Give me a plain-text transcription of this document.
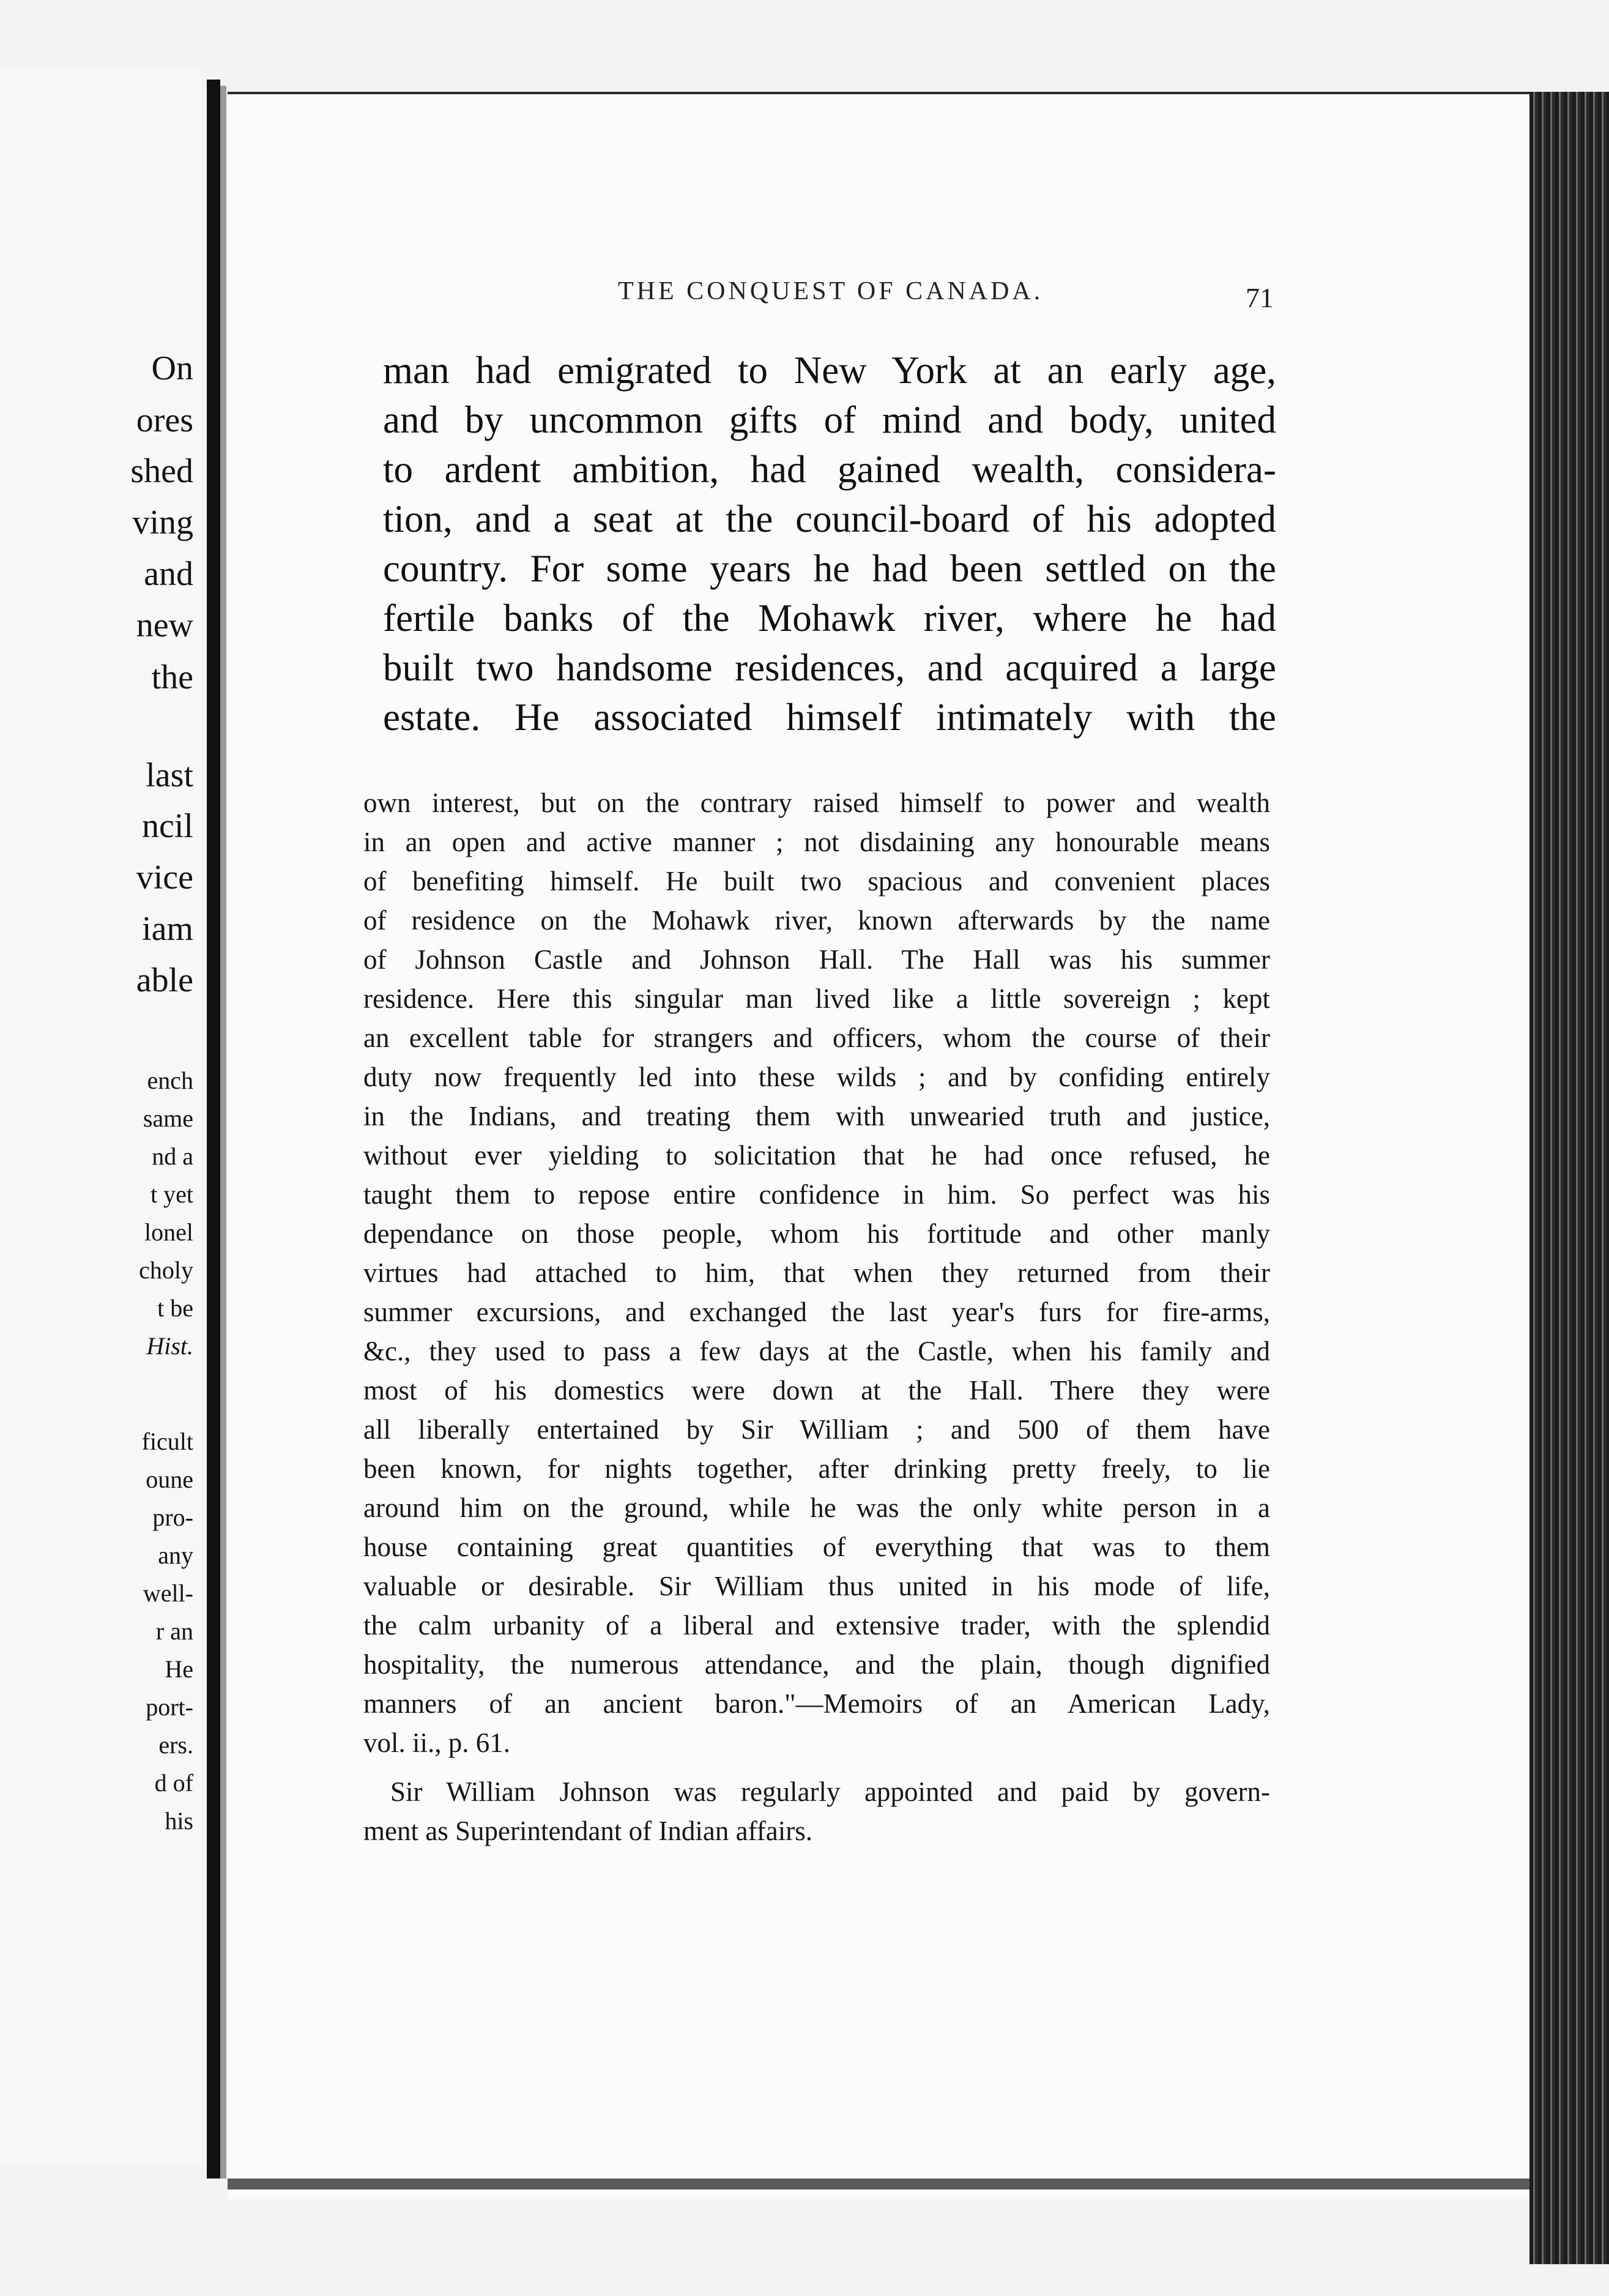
On
ores
shed
ving
and
new
the
last
ncil
vice
iam
able
ench
same
nd a
t yet
lonel
choly
t be
Hist.
ficult
oune
pro-
any
well-
r an
He
port-
ers.
d of
his
THE CONQUEST OF CANADA.	71
man had emigrated to New York at an early age,
and by uncommon gifts of mind and body, united
to ardent ambition, had gained wealth, considera-
tion, and a seat at the council-board of his adopted
country. For some years he had been settled on the
fertile banks of the Mohawk river, where he had
built two handsome residences, and acquired a large
estate. He associated himself intimately with the
own interest, but on the contrary raised himself to power and wealth
in an open and active manner ; not disdaining any honourable means
of benefiting himself. He built two spacious and convenient places
of residence on the Mohawk river, known afterwards by the name
of Johnson Castle and Johnson Hall. The Hall was his summer
residence. Here this singular man lived like a little sovereign ; kept
an excellent table for strangers and officers, whom the course of their
duty now frequently led into these wilds ; and by confiding entirely
in the Indians, and treating them with unwearied truth and justice,
without ever yielding to solicitation that he had once refused, he
taught them to repose entire confidence in him. So perfect was his
dependance on those people, whom his fortitude and other manly
virtues had attached to him, that when they returned from their
summer excursions, and exchanged the last year's furs for fire-arms,
&c., they used to pass a few days at the Castle, when his family and
most of his domestics were down at the Hall. There they were
all liberally entertained by Sir William ; and 500 of them have
been known, for nights together, after drinking pretty freely, to lie
around him on the ground, while he was the only white person in a
house containing great quantities of everything that was to them
valuable or desirable. Sir William thus united in his mode of life,
the calm urbanity of a liberal and extensive trader, with the splendid
hospitality, the numerous attendance, and the plain, though dignified
manners of an ancient baron."—Memoirs of an American Lady,
vol. ii., p. 61.
Sir William Johnson was regularly appointed and paid by govern-
ment as Superintendant of Indian affairs.
